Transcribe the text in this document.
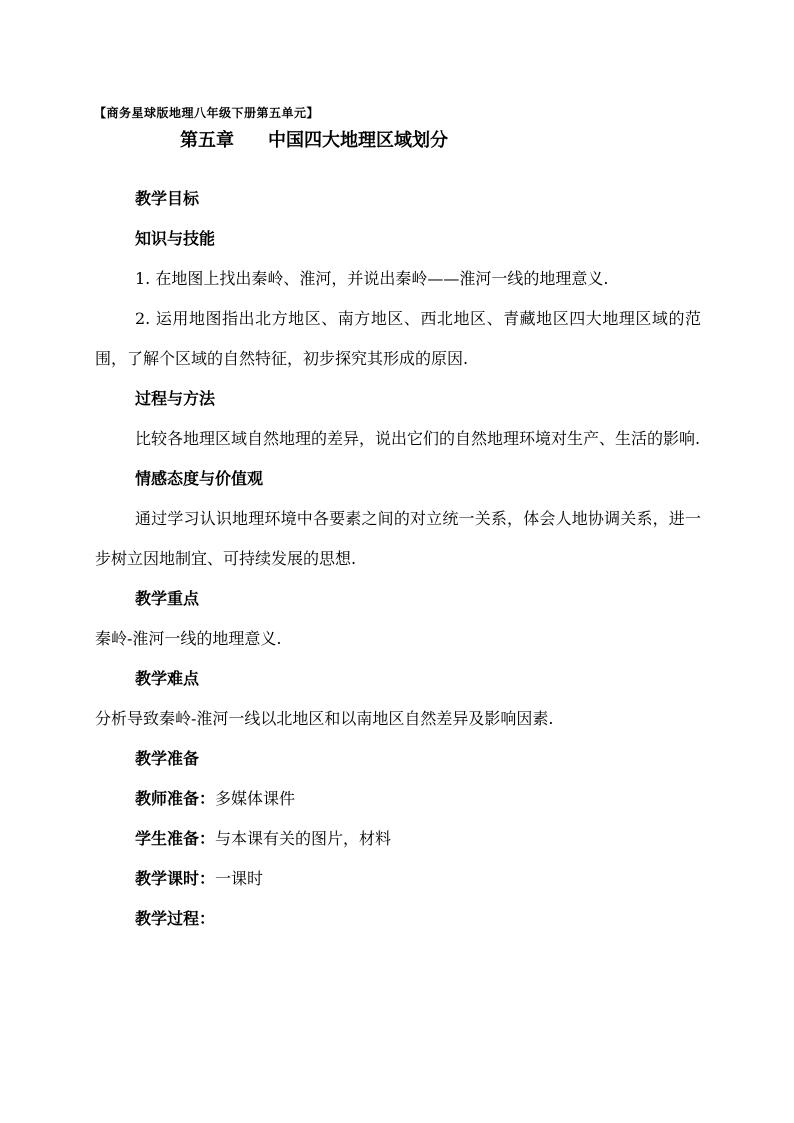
【商务星球版地理八年级下册第五单元】
第五章 中国四大地理区域划分
教学目标
知识与技能
1. 在地图上找出秦岭、淮河，并说出秦岭——淮河一线的地理意义.
2. 运用地图指出北方地区、南方地区、西北地区、青藏地区四大地理区域的范围，了解个区域的自然特征，初步探究其形成的原因.
过程与方法
比较各地理区域自然地理的差异，说出它们的自然地理环境对生产、生活的影响.
情感态度与价值观
通过学习认识地理环境中各要素之间的对立统一关系，体会人地协调关系，进一步树立因地制宜、可持续发展的思想.
教学重点
秦岭-淮河一线的地理意义.
教学难点
分析导致秦岭-淮河一线以北地区和以南地区自然差异及影响因素.
教学准备
教师准备：多媒体课件
学生准备：与本课有关的图片，材料
教学课时：一课时
教学过程：
